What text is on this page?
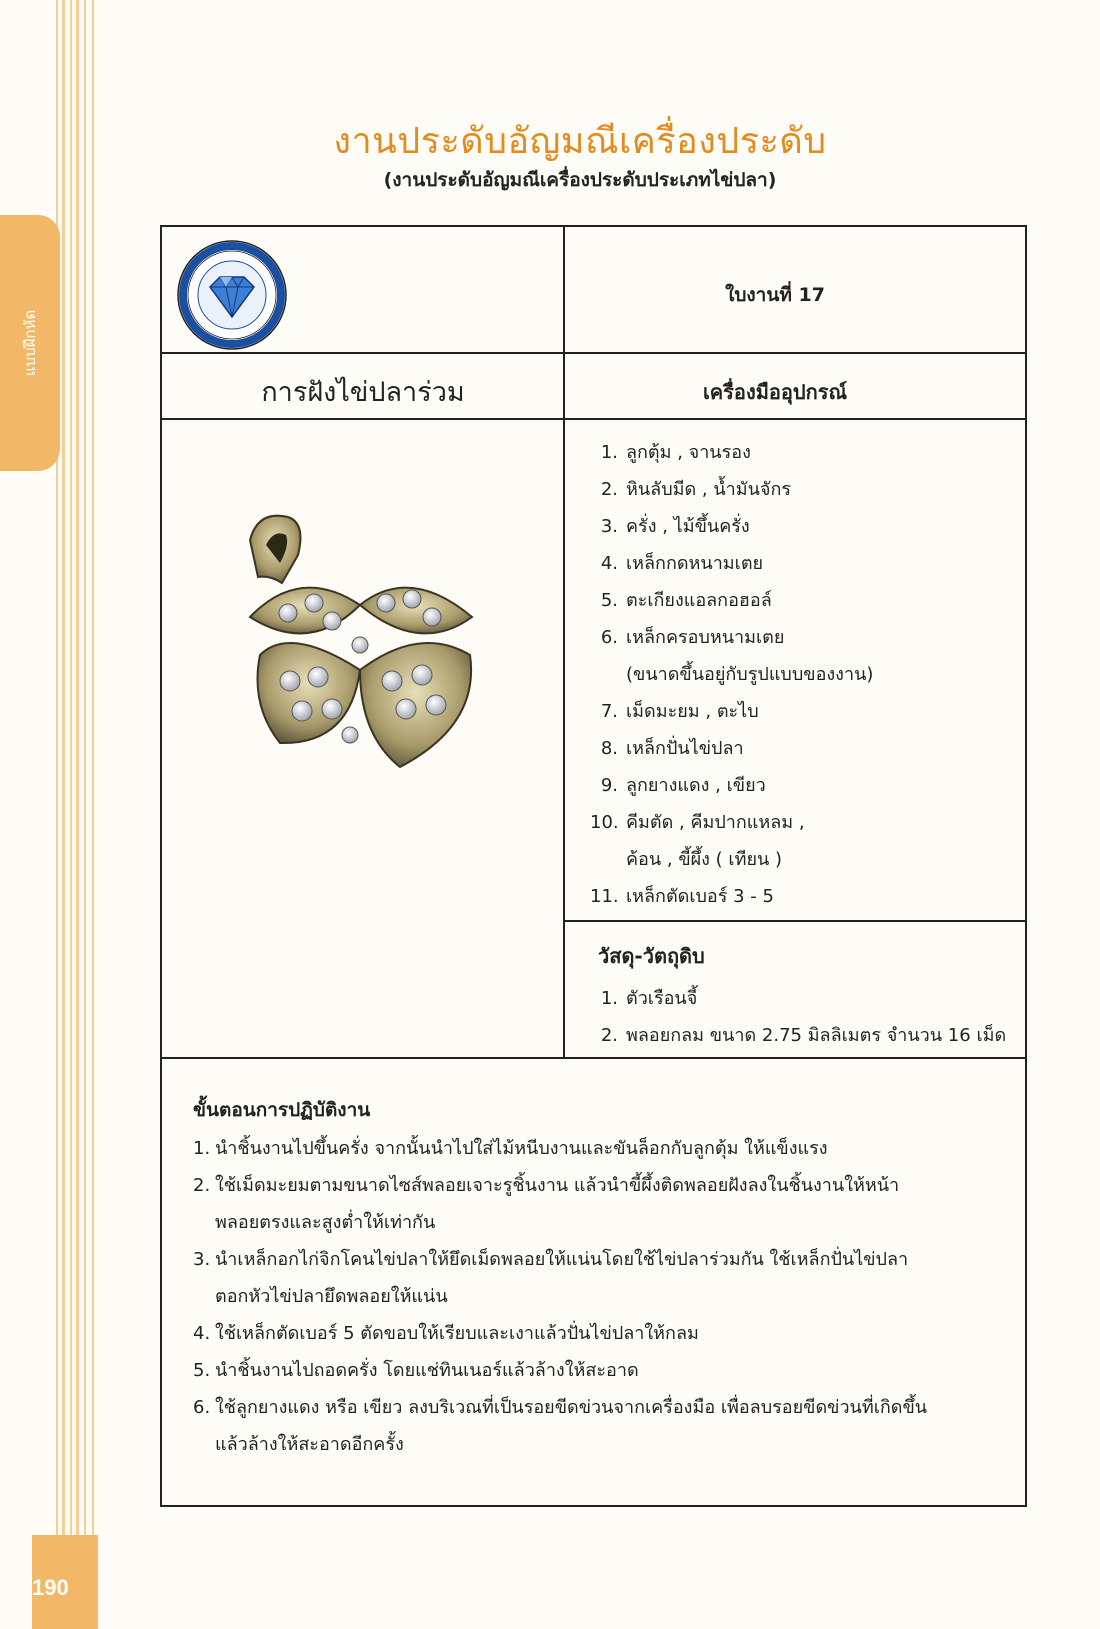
แบบฝึกหัด
190
งานประดับอัญมณีเครื่องประดับ
(งานประดับอัญมณีเครื่องประดับประเภทไข่ปลา)
ใบงานที่ 17
การฝังไข่ปลาร่วม	เครื่องมืออุปกรณ์
1. ลูกตุ้ม , จานรอง
2. หินลับมีด , น้ำมันจักร
3. ครั่ง , ไม้ขึ้นครั่ง
4. เหล็กกดหนามเตย
5. ตะเกียงแอลกอฮอล์
6. เหล็กครอบหนามเตย
(ขนาดขึ้นอยู่กับรูปแบบของงาน)
7. เม็ดมะยม , ตะไบ
8. เหล็กปั่นไข่ปลา
9. ลูกยางแดง , เขียว
10. คีมตัด , คีมปากแหลม ,
ค้อน , ขี้ผึ้ง ( เทียน )
11. เหล็กตัดเบอร์ 3 - 5
วัสดุ-วัตถุดิบ
1. ตัวเรือนจี้
2. พลอยกลม ขนาด 2.75 มิลลิเมตร จำนวน 16 เม็ด
ขั้นตอนการปฏิบัติงาน
1. นำชิ้นงานไปขึ้นครั่ง จากนั้นนำไปใส่ไม้หนีบงานและขันล็อกกับลูกตุ้ม ให้แข็งแรง
2. ใช้เม็ดมะยมตามขนาดไซส์พลอยเจาะรูชิ้นงาน แล้วนำขี้ผึ้งติดพลอยฝังลงในชิ้นงานให้หน้า
พลอยตรงและสูงต่ำให้เท่ากัน
3. นำเหล็กอกไก่จิกโคนไข่ปลาให้ยึดเม็ดพลอยให้แน่นโดยใช้ไข่ปลาร่วมกัน ใช้เหล็กปั่นไข่ปลา
ตอกหัวไข่ปลายึดพลอยให้แน่น
4. ใช้เหล็กตัดเบอร์ 5 ตัดขอบให้เรียบและเงาแล้วปั่นไข่ปลาให้กลม
5. นำชิ้นงานไปถอดครั่ง โดยแช่ทินเนอร์แล้วล้างให้สะอาด
6. ใช้ลูกยางแดง หรือ เขียว ลงบริเวณที่เป็นรอยขีดข่วนจากเครื่องมือ เพื่อลบรอยขีดข่วนที่เกิดขึ้น
แล้วล้างให้สะอาดอีกครั้ง
